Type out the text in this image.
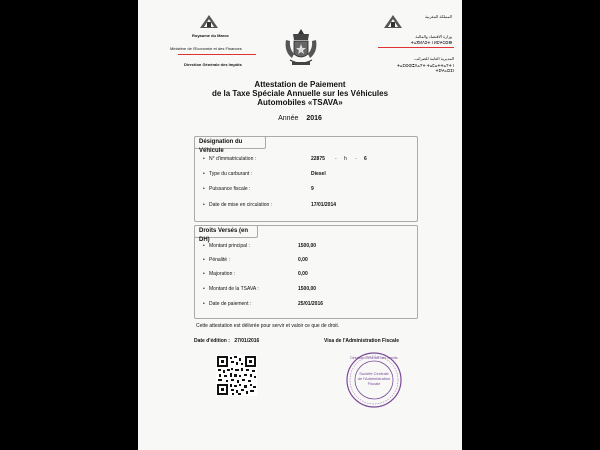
Royaume du Maroc
Ministère de l'Economie et des Finances
Direction Générale des Impôts
المملكة المغربية
وزارة الاقتصاد والمالية
ⵜⴰⴳⵍⴷⵉⵜ ⵏ ⵍⵎⵖⵔⵉⴱ
المديرية العامة للضرائب
ⵜⴰⵎⵙⵙⵓⴷⴰⵢⵜ ⵜⴰⵎⴰⵜⵜⴰⵢⵜ ⵏ ⵜⵉⵖⴰⵔⵉⵏ
Attestation de Paiement
de la Taxe Spéciale Annuelle sur les Véhicules
Automobiles «TSAVA»
Année 2016
Désignation du Véhicule
• N° d'immatriculation :	22875	h	6
-	-
• Type du carburant :	Diesel
• Puissance fiscale :	9
• Date de mise en circulation :	17/01/2014
Droits Versés (en DH)
• Montant principal :	1500,00
• Pénalité :	0,00
• Majoration :	0,00
• Montant de la TSAVA :	1500,00
• Date de paiement :	25/01/2016
Cette attestation est délivrée pour servir et valoir ce que de droit.
Date d'édition : 27/01/2016	Visa de l'Administration Fiscale
Société Centrale
de l'Administration
Fiscale
Direction Générale des Impôts
